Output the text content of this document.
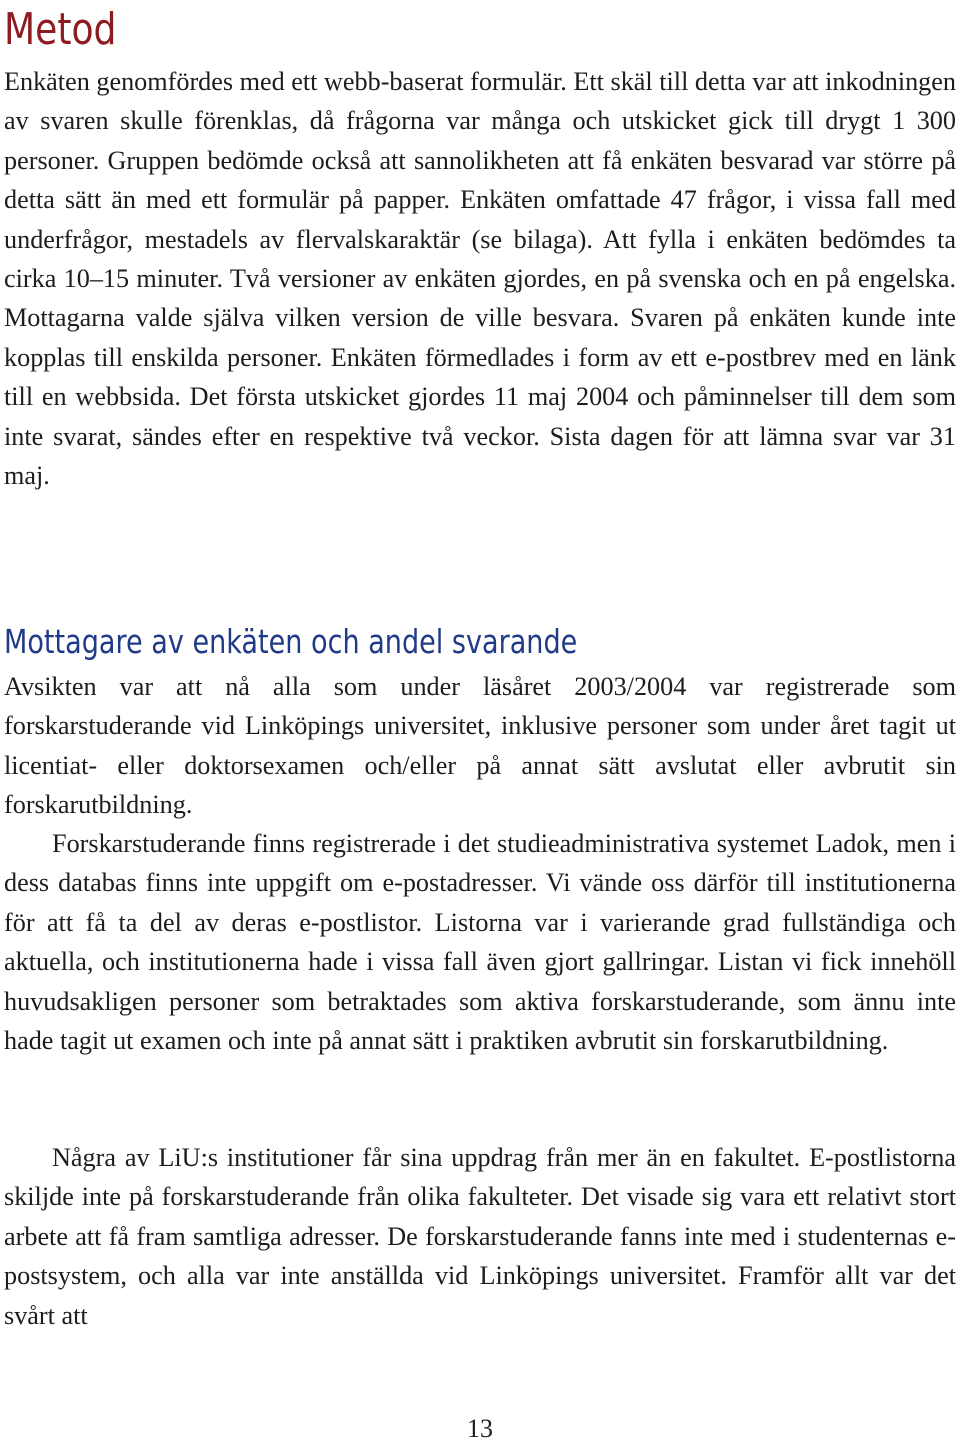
Metod

Enkäten genomfördes med ett webb-baserat formulär. Ett skäl till detta var att inkodningen av svaren skulle förenklas, då frågorna var många och utskicket gick till drygt 1 300 personer. Gruppen bedömde också att sannolikheten att få enkäten besvarad var större på detta sätt än med ett formulär på papper. Enkäten omfattade 47 frågor, i vissa fall med underfrågor, mestadels av flervalskaraktär (se bilaga). Att fylla i enkäten bedömdes ta cirka 10–15 minuter. Två versioner av enkäten gjordes, en på svenska och en på engelska. Mottagarna valde själva vilken version de ville besvara. Svaren på enkäten kunde inte kopplas till enskilda personer. Enkäten förmedlades i form av ett e-postbrev med en länk till en webbsida. Det första utskicket gjordes 11 maj 2004 och påminnelser till dem som inte svarat, sändes efter en respektive två veckor. Sista dagen för att lämna svar var 31 maj.

Mottagare av enkäten och andel svarande

Avsikten var att nå alla som under läsåret 2003/2004 var registrerade som forskarstuderande vid Linköpings universitet, inklusive personer som under året tagit ut licentiat- eller doktorsexamen och/eller på annat sätt avslutat eller avbrutit sin forskarutbildning.

Forskarstuderande finns registrerade i det studieadministrativa systemet Ladok, men i dess databas finns inte uppgift om e-postadresser. Vi vände oss därför till institutionerna för att få ta del av deras e-postlistor. Listorna var i varierande grad fullständiga och aktuella, och institutionerna hade i vissa fall även gjort gallringar. Listan vi fick innehöll huvudsakligen personer som betraktades som aktiva forskarstuderande, som ännu inte hade tagit ut examen och inte på annat sätt i praktiken avbrutit sin forskarutbildning.

Några av LiU:s institutioner får sina uppdrag från mer än en fakultet. E-postlistorna skiljde inte på forskarstuderande från olika fakulteter. Det visade sig vara ett relativt stort arbete att få fram samtliga adresser. De forskarstuderande fanns inte med i studenternas e-postsystem, och alla var inte anställda vid Linköpings universitet. Framför allt var det svårt att

13
